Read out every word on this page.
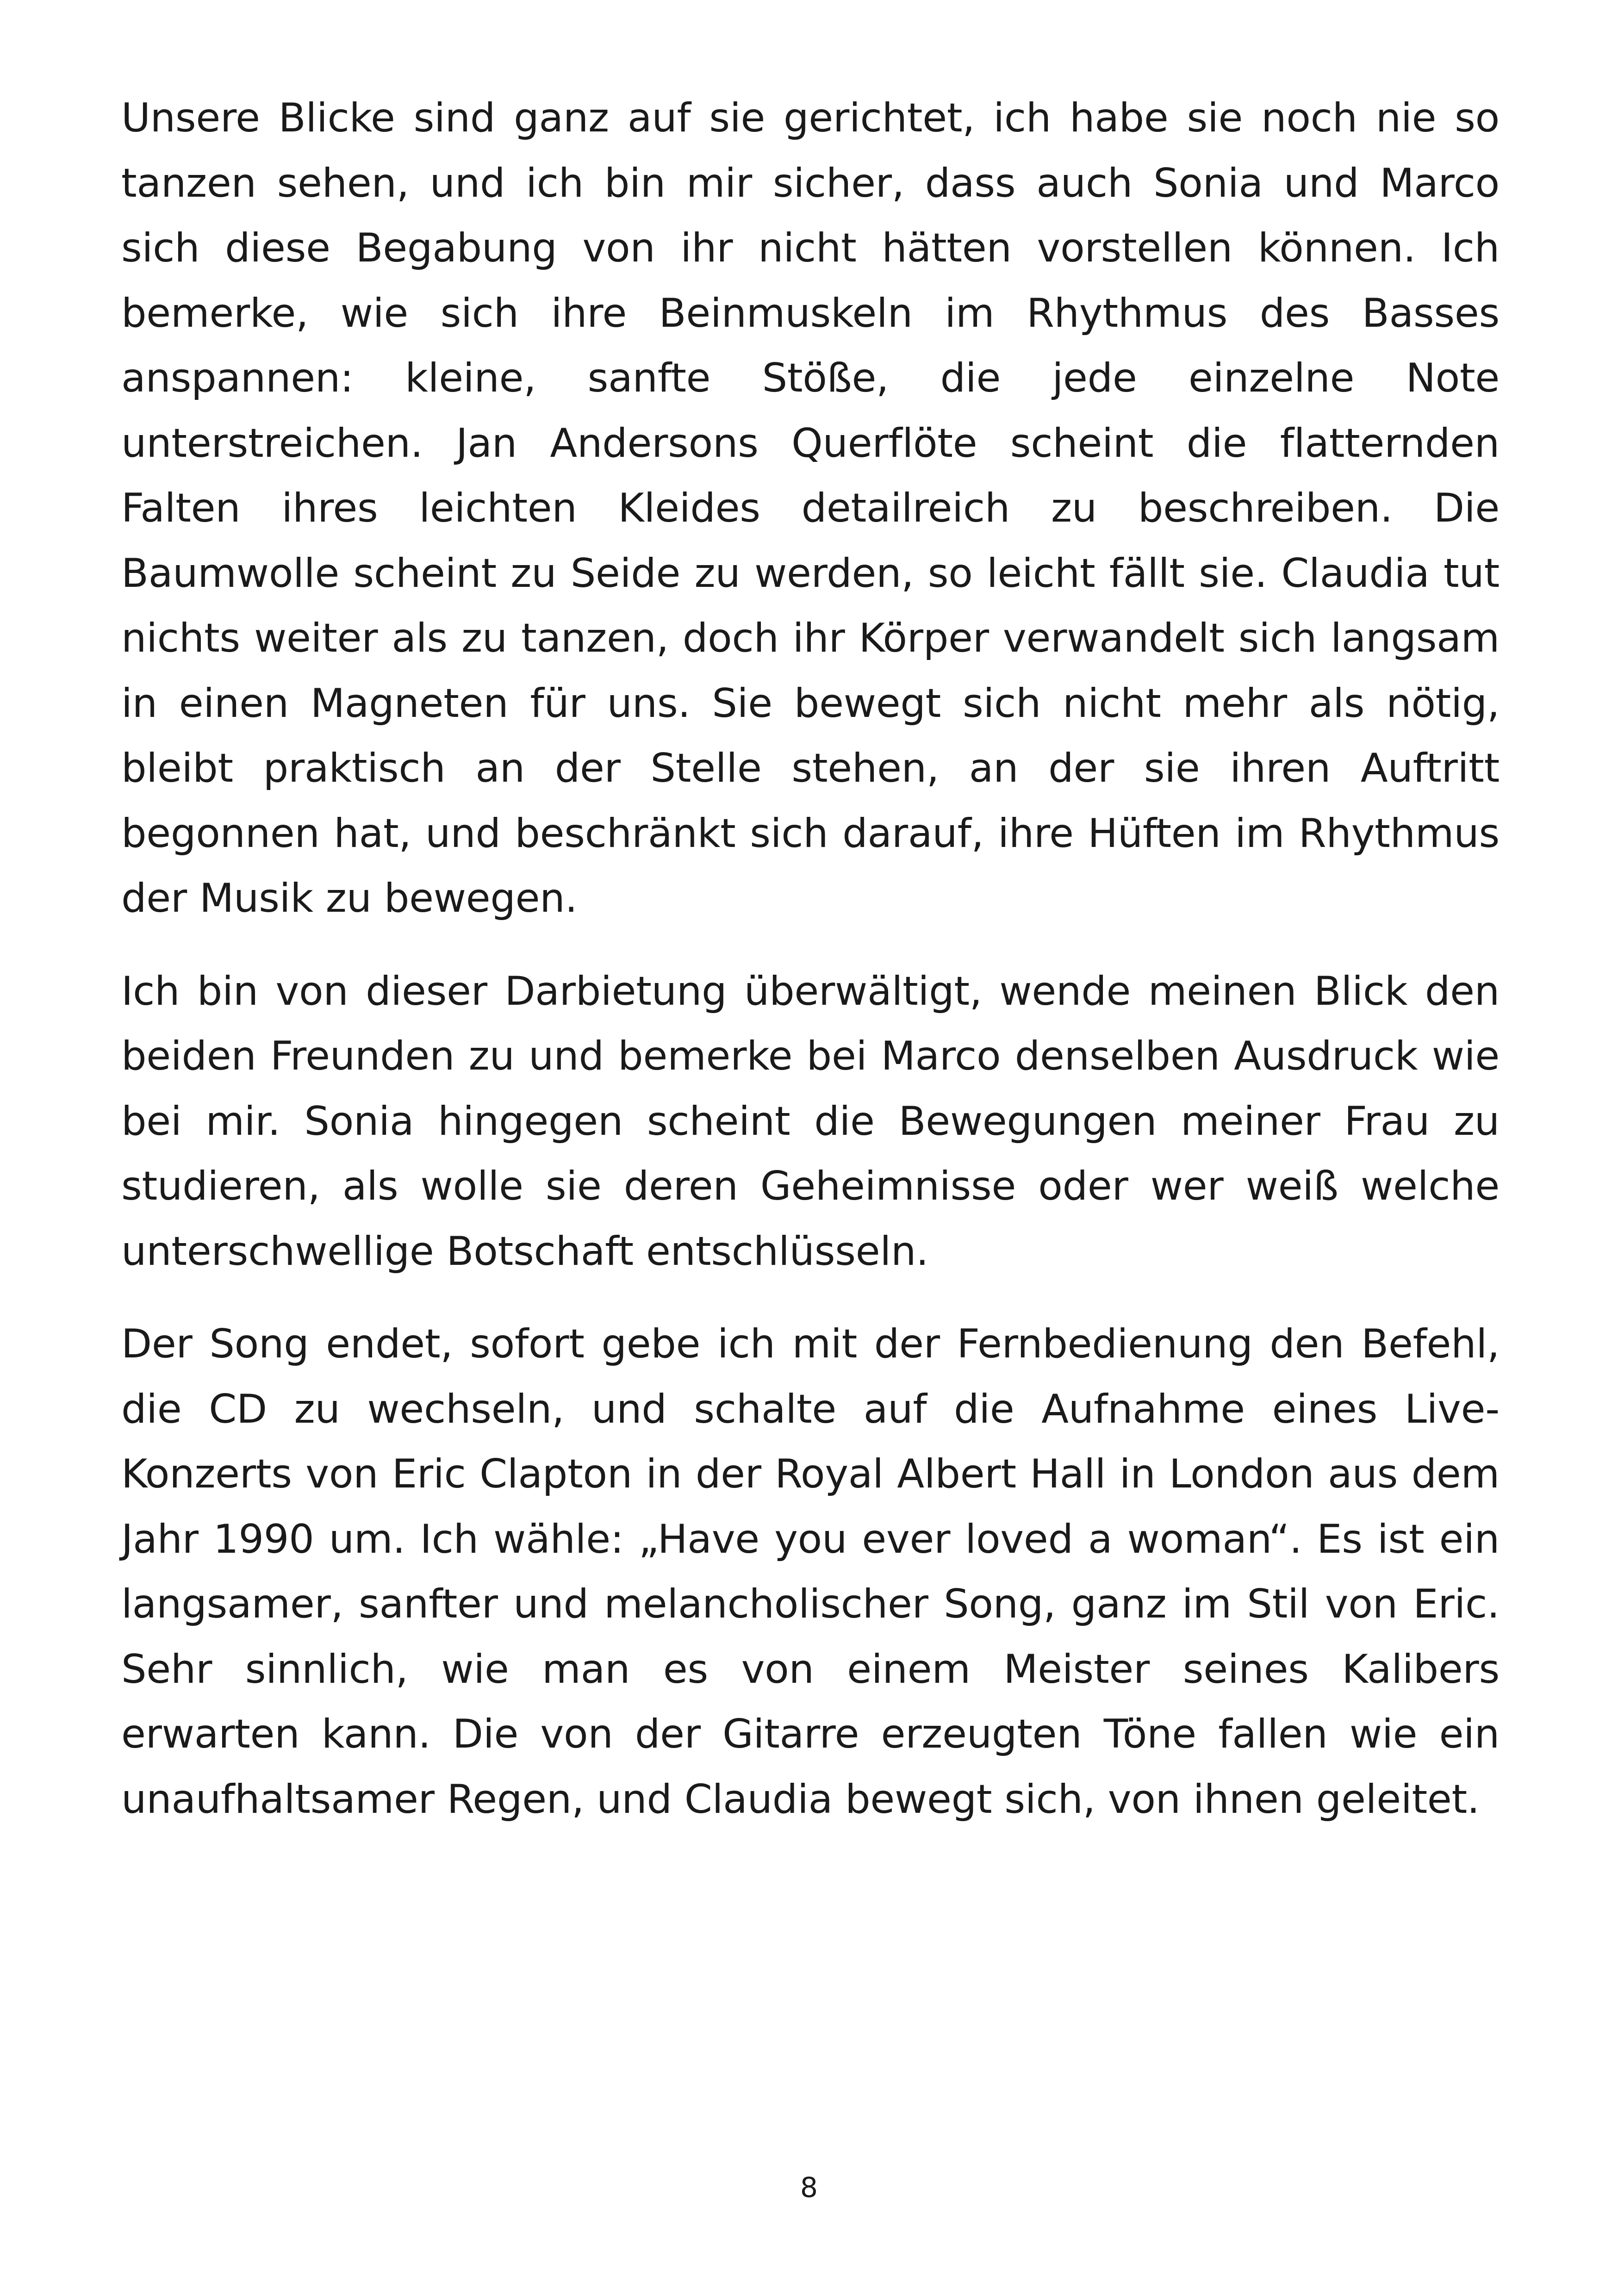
Unsere Blicke sind ganz auf sie gerichtet, ich habe sie noch nie so tanzen sehen, und ich bin mir sicher, dass auch Sonia und Marco sich diese Begabung von ihr nicht hätten vorstellen können. Ich bemerke, wie sich ihre Beinmuskeln im Rhythmus des Basses anspannen: kleine, sanfte Stöße, die jede einzelne Note unterstreichen. Jan Andersons Querflöte scheint die flatternden Falten ihres leichten Kleides detailreich zu beschreiben. Die Baumwolle scheint zu Seide zu werden, so leicht fällt sie. Claudia tut nichts weiter als zu tanzen, doch ihr Körper verwandelt sich langsam in einen Magneten für uns. Sie bewegt sich nicht mehr als nötig, bleibt praktisch an der Stelle stehen, an der sie ihren Auftritt begonnen hat, und beschränkt sich darauf, ihre Hüften im Rhythmus der Musik zu bewegen.

Ich bin von dieser Darbietung überwältigt, wende meinen Blick den beiden Freunden zu und bemerke bei Marco denselben Ausdruck wie bei mir. Sonia hingegen scheint die Bewegungen meiner Frau zu studieren, als wolle sie deren Geheimnisse oder wer weiß welche unterschwellige Botschaft entschlüsseln.

Der Song endet, sofort gebe ich mit der Fernbedienung den Befehl, die CD zu wechseln, und schalte auf die Aufnahme eines Live-Konzerts von Eric Clapton in der Royal Albert Hall in London aus dem Jahr 1990 um. Ich wähle: „Have you ever loved a woman“. Es ist ein langsamer, sanfter und melancholischer Song, ganz im Stil von Eric. Sehr sinnlich, wie man es von einem Meister seines Kalibers erwarten kann. Die von der Gitarre erzeugten Töne fallen wie ein unaufhaltsamer Regen, und Claudia bewegt sich, von ihnen geleitet.

8
